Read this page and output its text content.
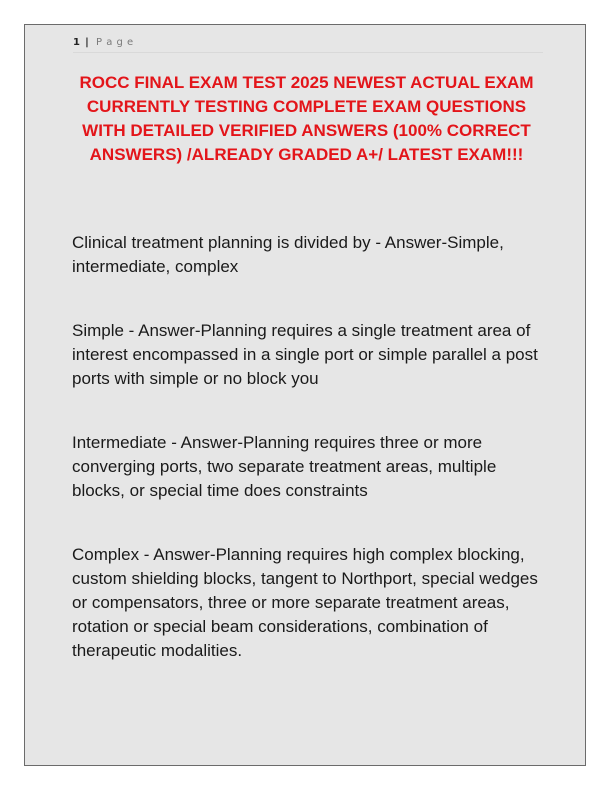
1 | P a g e
ROCC FINAL EXAM TEST 2025 NEWEST ACTUAL EXAM CURRENTLY TESTING COMPLETE EXAM QUESTIONS WITH DETAILED VERIFIED ANSWERS (100% CORRECT ANSWERS) /ALREADY GRADED A+/ LATEST EXAM!!!

Clinical treatment planning is divided by - Answer-Simple, intermediate, complex

Simple - Answer-Planning requires a single treatment area of interest encompassed in a single port or simple parallel a post ports with simple or no block you

Intermediate - Answer-Planning requires three or more converging ports, two separate treatment areas, multiple blocks, or special time does constraints

Complex - Answer-Planning requires high complex blocking, custom shielding blocks, tangent to Northport, special wedges or compensators, three or more separate treatment areas, rotation or special beam considerations, combination of therapeutic modalities.
